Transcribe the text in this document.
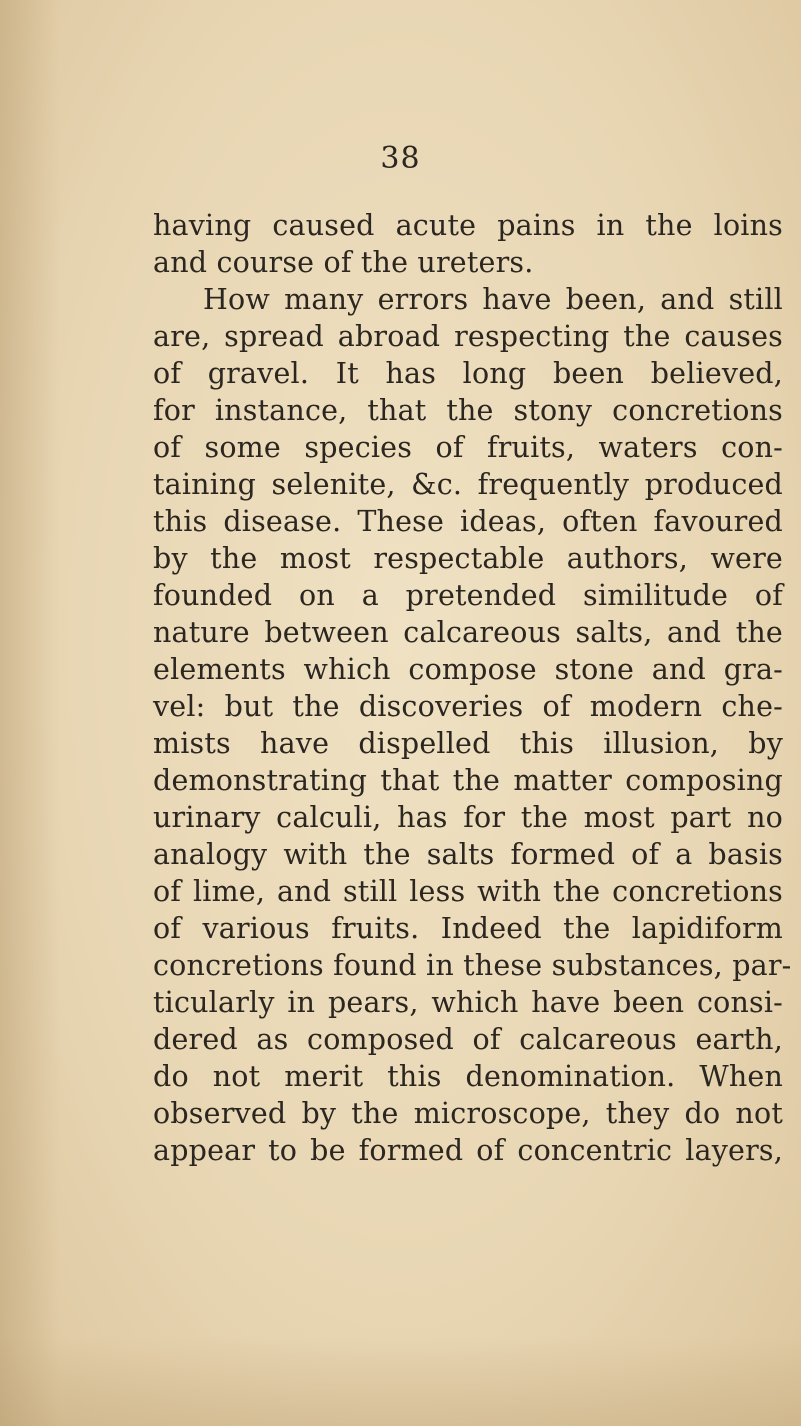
38
having caused acute pains in the loins
and course of the ureters.
How many errors have been, and still
are, spread abroad respecting the causes
of gravel. It has long been believed,
for instance, that the stony concretions
of some species of fruits, waters con-
taining selenite, &c. frequently produced
this disease. These ideas, often favoured
by the most respectable authors, were
founded on a pretended similitude of
nature between calcareous salts, and the
elements which compose stone and gra-
vel: but the discoveries of modern che-
mists have dispelled this illusion, by
demonstrating that the matter composing
urinary calculi, has for the most part no
analogy with the salts formed of a basis
of lime, and still less with the concretions
of various fruits. Indeed the lapidiform
concretions found in these substances, par-
ticularly in pears, which have been consi-
dered as composed of calcareous earth,
do not merit this denomination. When
observed by the microscope, they do not
appear to be formed of concentric layers,
